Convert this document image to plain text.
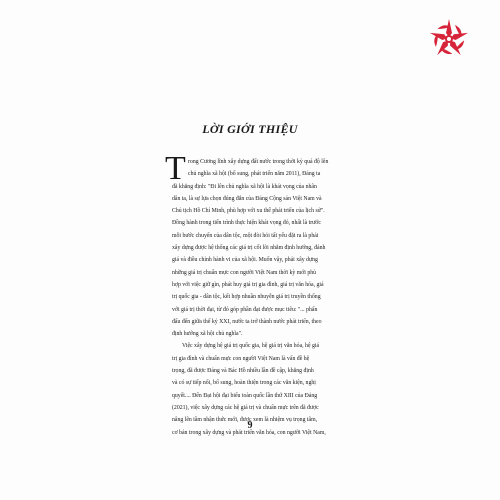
LỜI GIỚI THIỆU
T rong Cương lĩnh xây dựng đất nước trong thời kỳ quá độ lên
chủ nghĩa xã hội (bổ sung, phát triển năm 2011), Đảng ta
đã khẳng định: "Đi lên chủ nghĩa xã hội là khát vọng của nhân
dân ta, là sự lựa chọn đúng đắn của Đảng Cộng sản Việt Nam và
Chủ tịch Hồ Chí Minh, phù hợp với xu thế phát triển của lịch sử".
Đồng hành trong tiến trình thực hiện khát vọng đó, nhất là trước
mỗi bước chuyển của dân tộc, một đòi hỏi tất yếu đặt ra là phải
xây dựng được hệ thống các giá trị cốt lõi nhằm định hướng, đánh
giá và điều chỉnh hành vi của xã hội. Muốn vậy, phải xây dựng
những giá trị chuẩn mực con người Việt Nam thời kỳ mới phù
hợp với việc giữ gìn, phát huy giá trị gia đình, giá trị văn hóa, giá
trị quốc gia - dân tộc, kết hợp nhuần nhuyễn giá trị truyền thống
với giá trị thời đại, từ đó góp phần đạt được mục tiêu: "... phấn
đấu đến giữa thế kỷ XXI, nước ta trở thành nước phát triển, theo
định hướng xã hội chủ nghĩa".
Việc xây dựng hệ giá trị quốc gia, hệ giá trị văn hóa, hệ giá
trị gia đình và chuẩn mực con người Việt Nam là vấn đề hệ
trọng, đã được Đảng và Bác Hồ nhiều lần đề cập, khẳng định
và có sự tiếp nối, bổ sung, hoàn thiện trong các văn kiện, nghị
quyết.... Đến Đại hội đại biểu toàn quốc lần thứ XIII của Đảng
(2021), việc xây dựng các hệ giá trị và chuẩn mực trên đã được
nâng lên tầm nhận thức mới, được xem là nhiệm vụ trọng tâm,
cơ bản trong xây dựng và phát triển văn hóa, con người Việt Nam,
9
